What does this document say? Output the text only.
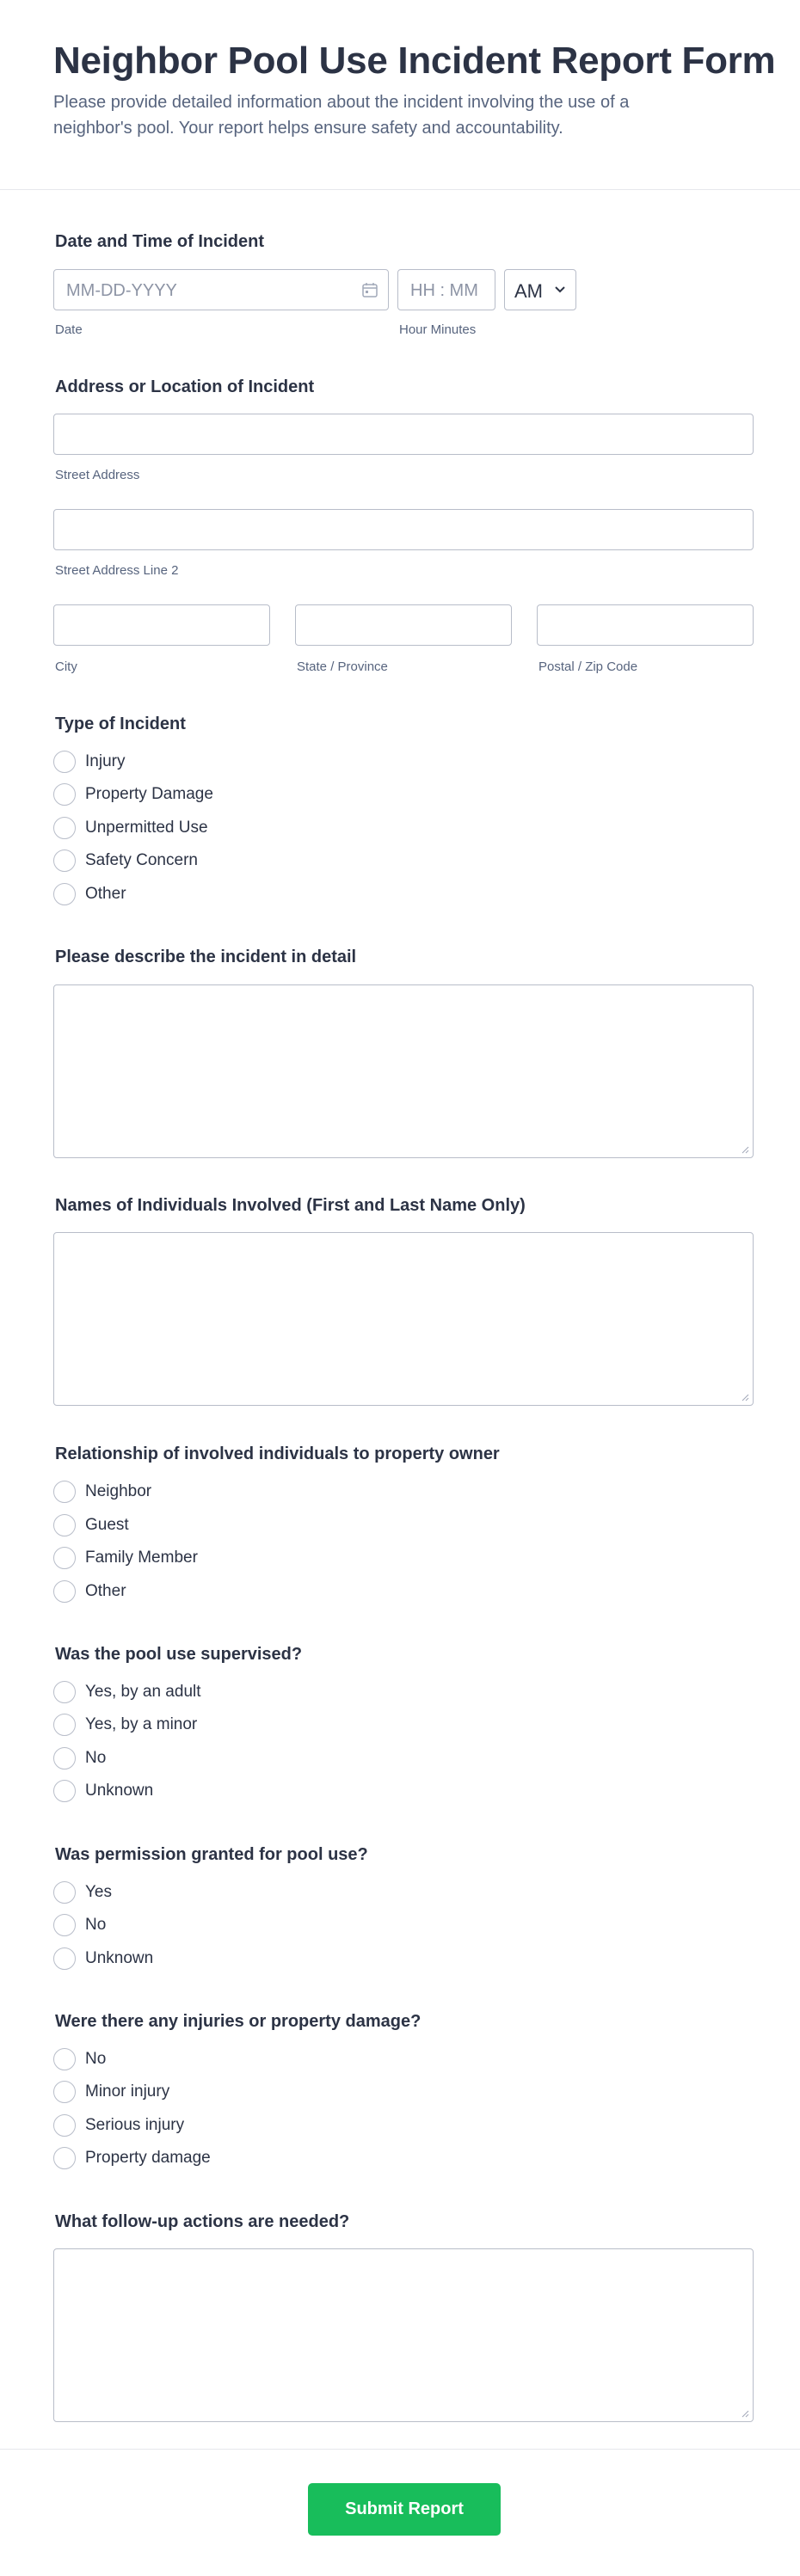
Neighbor Pool Use Incident Report Form

Please provide detailed information about the incident involving the use of a neighbor's pool. Your report helps ensure safety and accountability.

Date and Time of Incident
MM-DD-YYYY
Date
HH : MM
Hour Minutes
AM
Address or Location of Incident
Street Address
Street Address Line 2
City	State / Province	Postal / Zip Code
Type of Incident
Injury
Property Damage
Unpermitted Use
Safety Concern
Other
Please describe the incident in detail
Names of Individuals Involved (First and Last Name Only)
Relationship of involved individuals to property owner
Neighbor
Guest
Family Member
Other
Was the pool use supervised?
Yes, by an adult
Yes, by a minor
No
Unknown
Was permission granted for pool use?
Yes
No
Unknown
Were there any injuries or property damage?
No
Minor injury
Serious injury
Property damage
What follow-up actions are needed?
Submit Report
